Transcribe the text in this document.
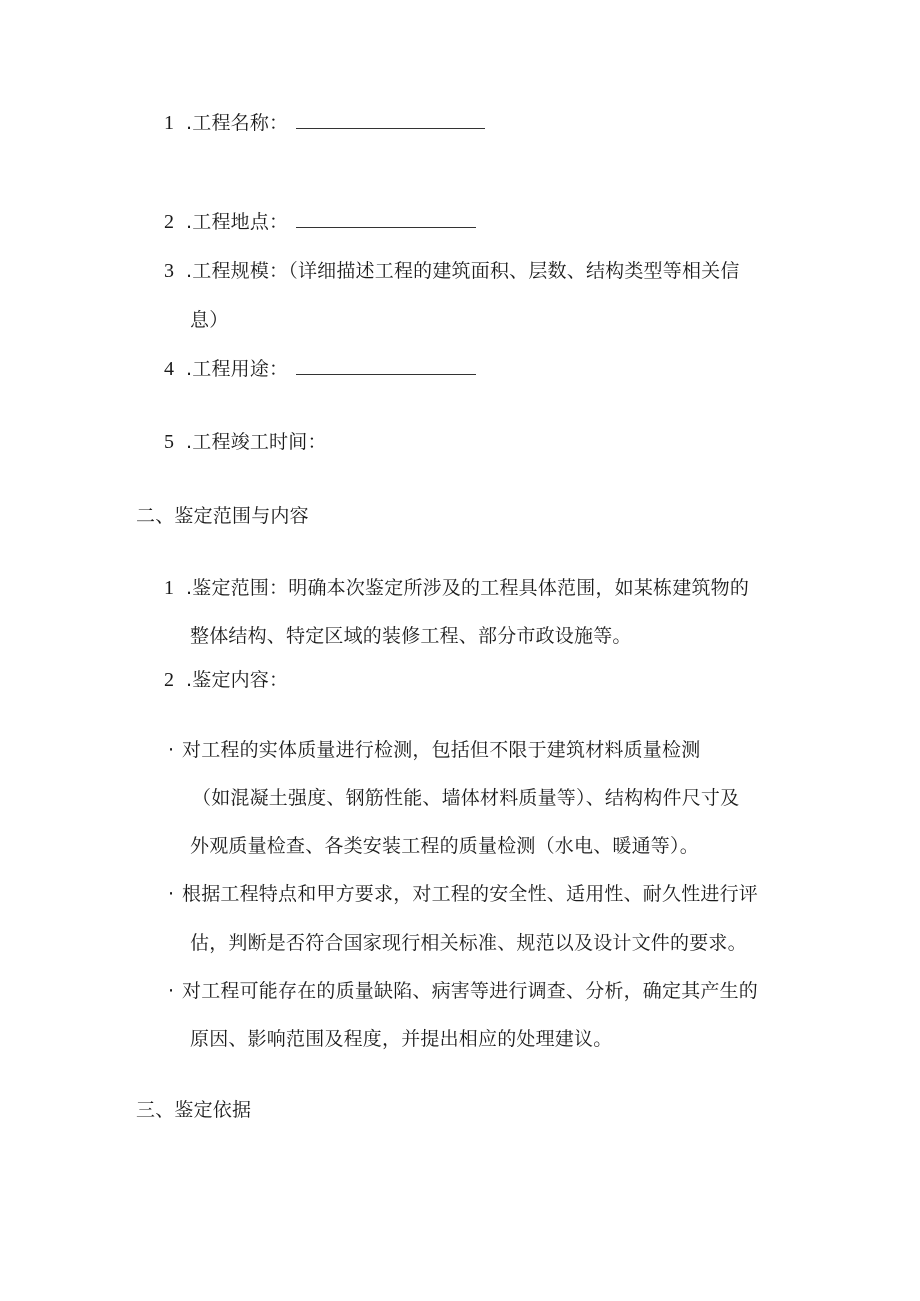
1 .工程名称：
2 .工程地点：
3 .工程规模：（详细描述工程的建筑面积、层数、结构类型等相关信
息）
4 .工程用途：
5 .工程竣工时间：
二、鉴定范围与内容
1 .鉴定范围：明确本次鉴定所涉及的工程具体范围，如某栋建筑物的
整体结构、特定区域的装修工程、部分市政设施等。
2 .鉴定内容：
· 对工程的实体质量进行检测，包括但不限于建筑材料质量检测
（如混凝土强度、钢筋性能、墙体材料质量等）、结构构件尺寸及
外观质量检查、各类安装工程的质量检测（水电、暖通等）。
· 根据工程特点和甲方要求，对工程的安全性、适用性、耐久性进行评
估，判断是否符合国家现行相关标准、规范以及设计文件的要求。
· 对工程可能存在的质量缺陷、病害等进行调查、分析，确定其产生的
原因、影响范围及程度，并提出相应的处理建议。
三、鉴定依据
